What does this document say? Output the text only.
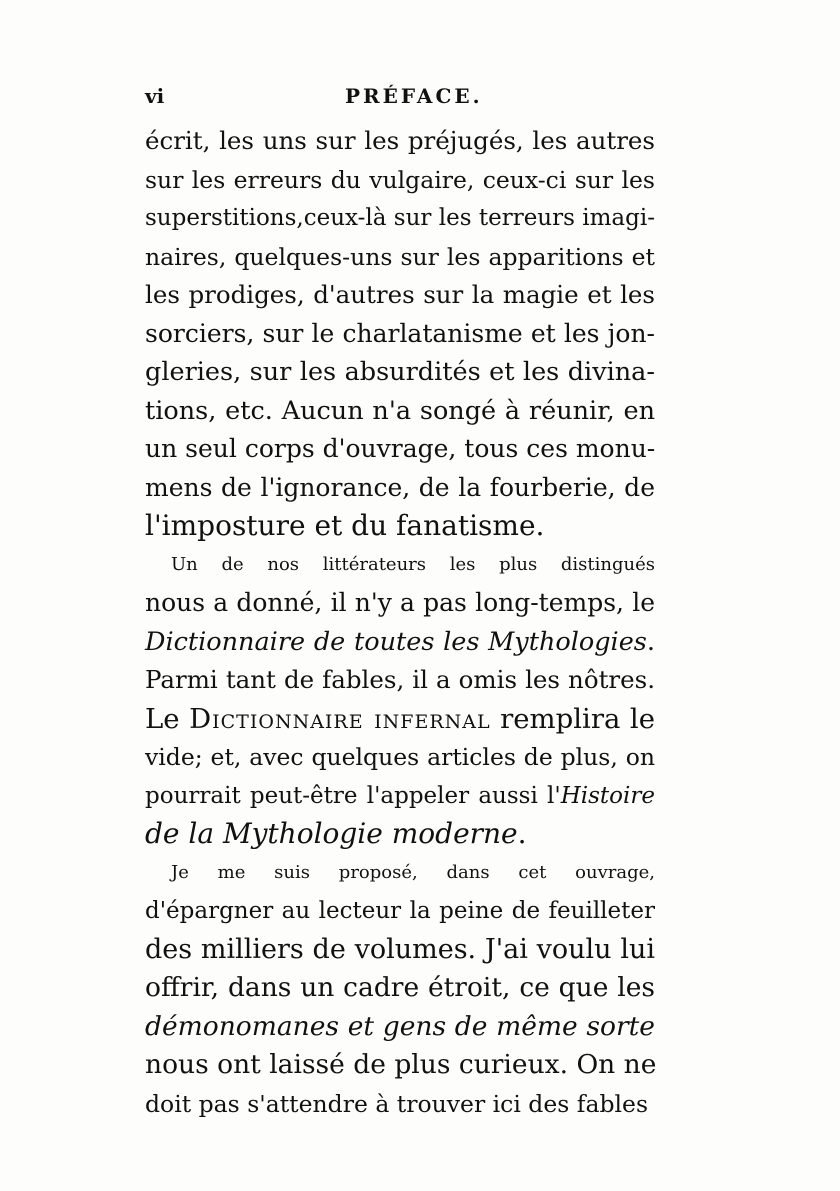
vi	PRÉFACE.
écrit, les uns sur les préjugés, les autres
sur les erreurs du vulgaire, ceux-ci sur les
superstitions,ceux-là sur les terreurs imagi-
naires, quelques-uns sur les apparitions et
les prodiges, d'autres sur la magie et les
sorciers, sur le charlatanisme et les jon-
gleries, sur les absurdités et les divina-
tions, etc. Aucun n'a songé à réunir, en
un seul corps d'ouvrage, tous ces monu-
mens de l'ignorance, de la fourberie, de
l'imposture et du fanatisme.
Un de nos littérateurs les plus distingués
nous a donné, il n'y a pas long-temps, le
Dictionnaire de toutes les Mythologies.
Parmi tant de fables, il a omis les nôtres.
Le Dictionnaire infernal remplira le
vide; et, avec quelques articles de plus, on
pourrait peut-être l'appeler aussi l'Histoire
de la Mythologie moderne.
Je me suis proposé, dans cet ouvrage,
d'épargner au lecteur la peine de feuilleter
des milliers de volumes. J'ai voulu lui
offrir, dans un cadre étroit, ce que les
démonomanes et gens de même sorte
nous ont laissé de plus curieux. On ne
doit pas s'attendre à trouver ici des fables
